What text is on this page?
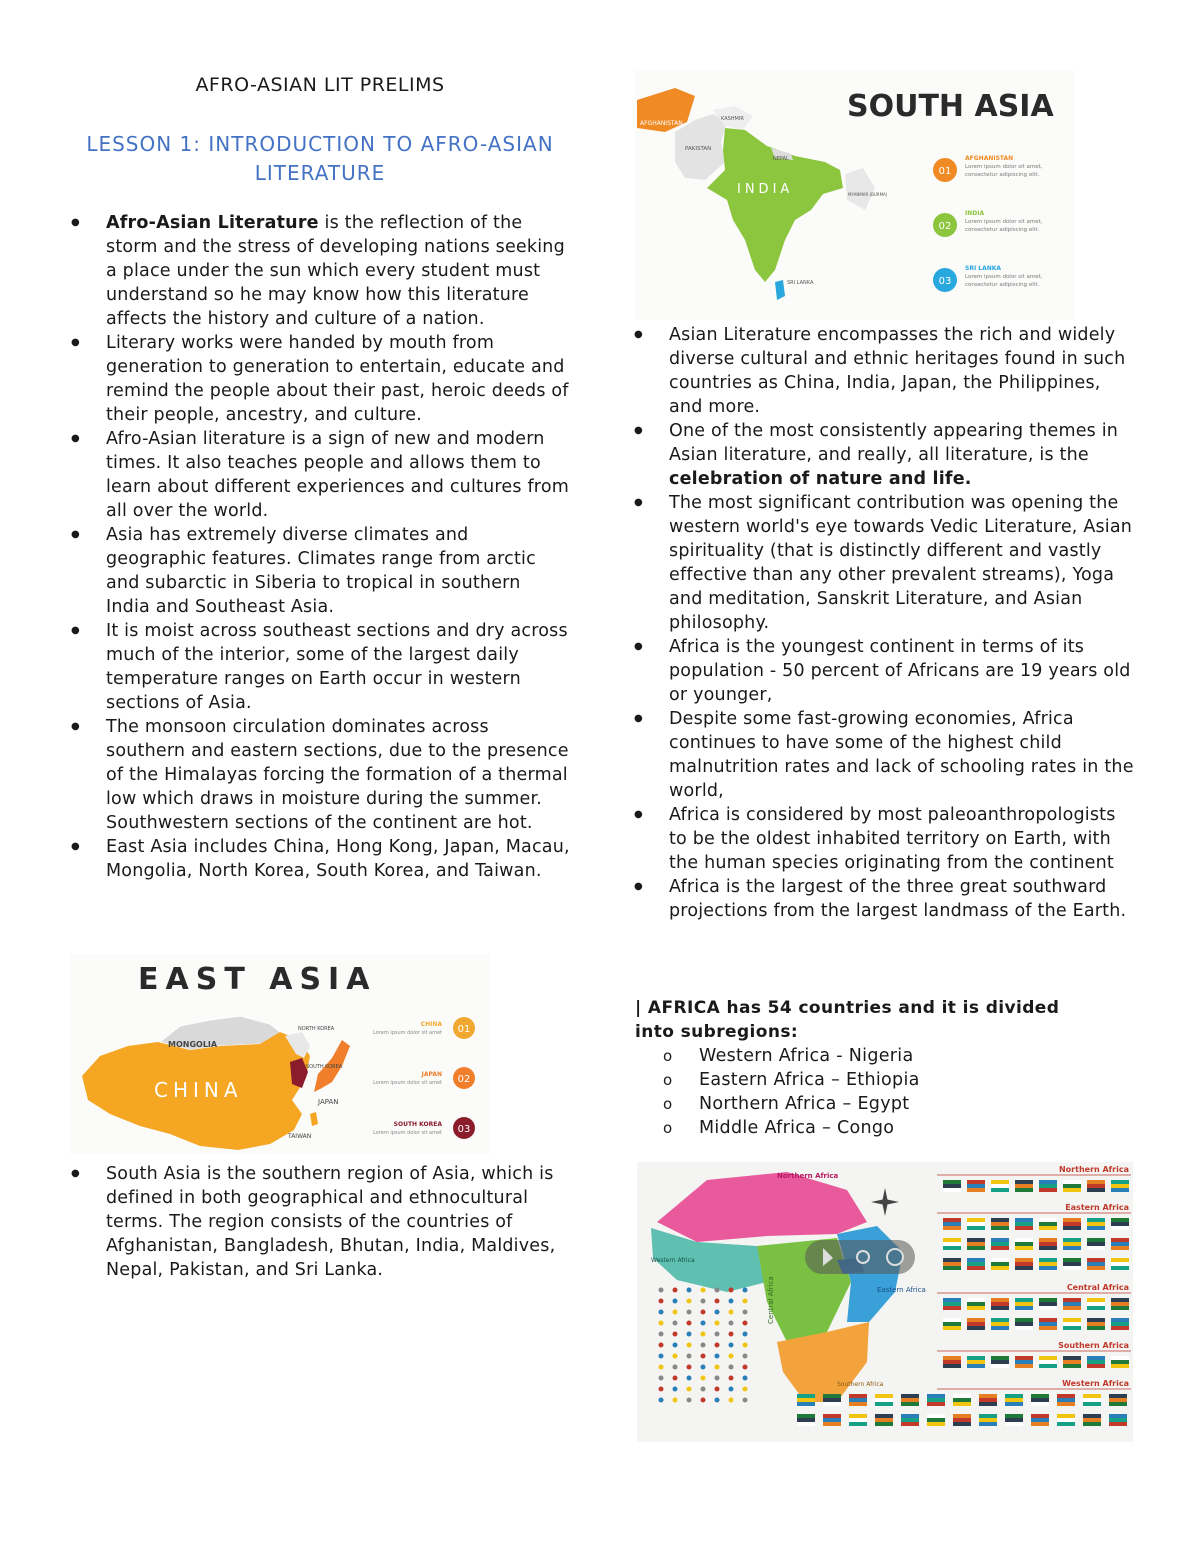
AFRO-ASIAN LIT PRELIMS
LESSON 1: INTRODUCTION TO AFRO-ASIAN
LITERATURE
● Afro-Asian Literature is the reflection of the storm and the stress of developing nations seeking a place under the sun which every student must understand so he may know how this literature affects the history and culture of a nation.
● Literary works were handed by mouth from generation to generation to entertain, educate and remind the people about their past, heroic deeds of their people, ancestry, and culture.
● Afro-Asian literature is a sign of new and modern times. It also teaches people and allows them to learn about different experiences and cultures from all over the world.
● Asia has extremely diverse climates and geographic features. Climates range from arctic and subarctic in Siberia to tropical in southern India and Southeast Asia.
● It is moist across southeast sections and dry across much of the interior, some of the largest daily temperature ranges on Earth occur in western sections of Asia.
● The monsoon circulation dominates across southern and eastern sections, due to the presence of the Himalayas forcing the formation of a thermal low which draws in moisture during the summer. Southwestern sections of the continent are hot.
● East Asia includes China, Hong Kong, Japan, Macau, Mongolia, North Korea, South Korea, and Taiwan.
EAST ASIA
MONGOLIA
CHINA	JAPAN
TAIWAN
NORTH KOREA
SOUTH KOREA
CHINA
Lorem ipsum dolor sit amet 01
JAPAN
Lorem ipsum dolor sit amet 02
SOUTH KOREA
Lorem ipsum dolor sit amet 03
● South Asia is the southern region of Asia, which is defined in both geographical and ethnocultural terms. The region consists of the countries of Afghanistan, Bangladesh, Bhutan, India, Maldives, Nepal, Pakistan, and Sri Lanka.
SOUTH ASIA
AFGHANISTAN
PAKISTAN
KASHMIR
NEPAL
INDIA
SRI LANKA
MYANMAR (BURMA)
01
AFGHANISTAN
Lorem ipsum dolor sit amet,
consectetur adipiscing elit.
02
INDIA
Lorem ipsum dolor sit amet,
consectetur adipiscing elit.
03
SRI LANKA
Lorem ipsum dolor sit amet,
consectetur adipiscing elit.
● Asian Literature encompasses the rich and widely diverse cultural and ethnic heritages found in such countries as China, India, Japan, the Philippines, and more.
● One of the most consistently appearing themes in Asian literature, and really, all literature, is the celebration of nature and life.
● The most significant contribution was opening the western world's eye towards Vedic Literature, Asian spirituality (that is distinctly different and vastly effective than any other prevalent streams), Yoga and meditation, Sanskrit Literature, and Asian philosophy.
● Africa is the youngest continent in terms of its population - 50 percent of Africans are 19 years old or younger,
● Despite some fast-growing economies, Africa continues to have some of the highest child malnutrition rates and lack of schooling rates in the world,
● Africa is considered by most paleoanthropologists to be the oldest inhabited territory on Earth, with the human species originating from the continent
● Africa is the largest of the three great southward projections from the largest landmass of the Earth.
| AFRICA has 54 countries and it is divided into subregions:
o Western Africa - Nigeria
o Eastern Africa – Ethiopia
o Northern Africa – Egypt
o Middle Africa – Congo
Northern Africa
Eastern Africa
Central Africa
Western Africa
Southern Africa
Northern Africa
Eastern Africa
Central Africa
Southern Africa
Western Africa
